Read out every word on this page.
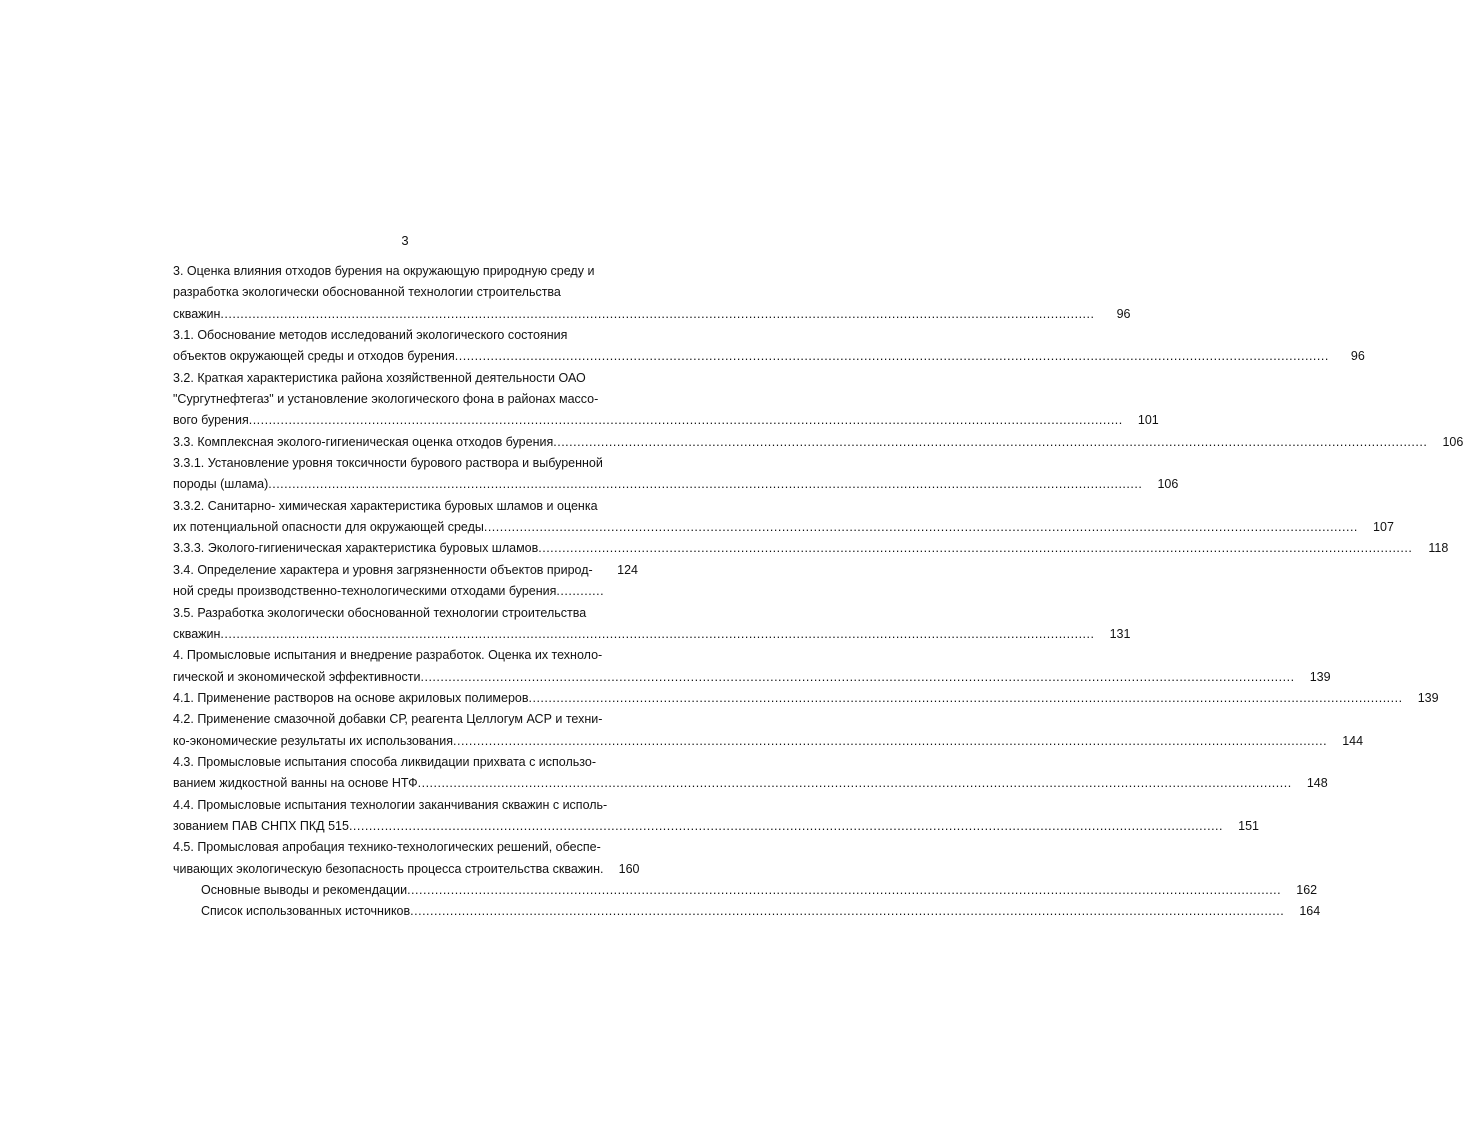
3
3. Оценка влияния отходов бурения на окружающую природную среду и
разработка экологически обоснованной технологии строительства
скважин ............................................................................................................................................................................................................................	96
3.1. Обоснование методов исследований экологического состояния
объектов окружающей среды и отходов бурения ............................................................................................................................................................................................................................	96
3.2. Краткая характеристика района хозяйственной деятельности ОАО
"Сургутнефтегаз" и установление экологического фона в районах массо-
вого бурения ............................................................................................................................................................................................................................	101
3.3. Комплексная эколого-гигиеническая оценка отходов бурения ............................................................................................................................................................................................................................	106
3.3.1. Установление уровня токсичности бурового раствора и выбуренной
породы (шлама) ............................................................................................................................................................................................................................	106
3.3.2. Санитарно- химическая характеристика буровых шламов и оценка
их потенциальной опасности для окружающей среды ............................................................................................................................................................................................................................	107
3.3.3. Эколого-гигиеническая характеристика буровых шламов ............................................................................................................................................................................................................................	118
3.4. Определение характера и уровня загрязненности объектов природ-	124
ной среды производственно-технологическими отходами бурения ............
3.5. Разработка экологически обоснованной технологии строительства
скважин ............................................................................................................................................................................................................................	131
4. Промысловые испытания и внедрение разработок. Оценка их техноло-
гической и экономической эффективности ............................................................................................................................................................................................................................	139
4.1. Применение растворов на основе акриловых полимеров ............................................................................................................................................................................................................................	139
4.2. Применение смазочной добавки СР, реагента Целлогум АСР и техни-
ко-экономические результаты их использования ............................................................................................................................................................................................................................	144
4.3. Промысловые испытания способа ликвидации прихвата с использо-
ванием жидкостной ванны на основе НТФ ............................................................................................................................................................................................................................	148
4.4. Промысловые испытания технологии заканчивания скважин с исполь-
зованием ПАВ СНПХ ПКД 515 ............................................................................................................................................................................................................................	151
4.5. Промысловая апробация технико-технологических решений, обеспе-
чивающих экологическую безопасность процесса строительства скважин.	160
Основные выводы и рекомендации ............................................................................................................................................................................................................................	162
Список использованных источников ............................................................................................................................................................................................................................	164
